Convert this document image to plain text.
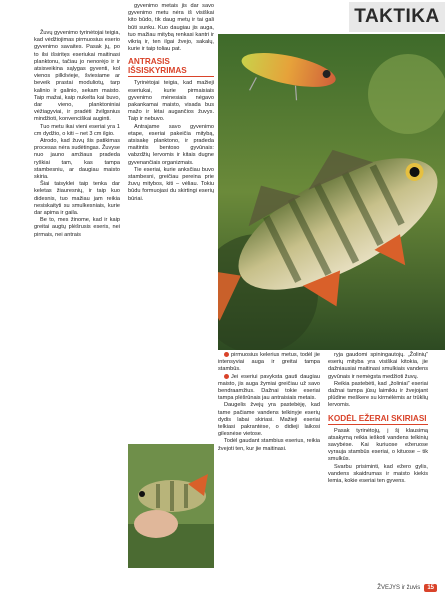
TAKTIKA

Žuvų gyvenimo tyrinėtojai teigia, kad vėdžiojimas pirmuosius eserio gyvenimo savaites. Pasak jų, po to ilsi išsiritęs eseriukai maitinasi planktonu, tačiau jo nenorėjo ir ir atsisveikina sąlygas gyventi, kol vienos pilkšvieje, šviesiame ar beveik prastai moduliotų, tarp kalinio ir galinio, sekam maisto. Taip mažai, kaip nukelta kai buvo, dar vieno, planktoniniai vėžiagyviai, ir pradėti žvilgsnius mindžioti, konvenciškai auginti.

Tuo metu ikai vieni eseriai yra 1 cm dydžio, o kiti – net 3 cm ilgio.

Atrodo, kad žuvų šis patikimas procesas nėra sudėtingas. Žuvyse nuo jauno amžiaus pradeda ryškiai tam, kas tampa stambesniu, ar daugiau maisto skiria.

Šiai taisyklei taip tenka dar keletas žiauresnių, ir taip kuo didesnis, tuo mažiau jam reikia nesiskaityti su smulkesniais, kurie dar apima ir gaila.

Be to, mes žinome, kad ir kaip greitai augtų plėšrusis eseris, nei pirmais, nei antrais

gyvenimo metais jis dar savo gyvenimo metu nėra iš visiškai kito būdo, tik daug metų ir tai gali būti sunku. Kuo daugiau jis auga, tuo mažiau mitybą renkasi kantri ir vikrią ir, ten ilgai žvejo, sakalų, kurie ir taip toliau pat.

ANTRASIS IŠSISKYRIMAS

Tyrinėtojai teigia, kad mažieji eseriukai, kurie pirmaisiais gyvenimo mėnesiais nėgavo pakankamai maisto, visada bus mažo ir lėtai augančios žuvys. Taip ir nebuvo.

Antrajame savo gyvenimo etape, eseriai pakeičia mitybą, atsisakę planktono, ir pradeda maitintis bentoso gyvūnais: vabzdžių lervomis ir kitais dugne gyvenančiais organizmais.

Tie eseriai, kurie anksčiau buvo stambesni, greičiau pereina prie žuvų mitybos, kiti – vėliau. Tokiu būdu formuojasi du skirtingi eserių būriai.

pirmuosius kelerius metus, todėl jie intensyviai auga ir greitai tampa stambūs.

Jei eseriui pavyksta gauti daugiau maisto, jis auga žymiai greičiau už savo bendraamžius. Dažnai tokie eseriai tampa plėšrūnais jau antraisiais metais.

Daugelis žvejų yra pastebėję, kad tame pačiame vandens telkinyje eserių dydis labai skiriasi. Mažieji eseriai telkiasi pakrantėse, o didieji laikosi gilesnėse vietose.

Todėl gaudant stambius eserius, reikia žvejoti ten, kur jie maitinasi.

ryja gaudomi spiningautojų. „Žolinių“ eserių mityba yra visiškai kitokia, jie dažniausiai maitinasi smulkiais vandens gyvūnais ir nemėgsta medžioti žuvų.

Reikia pastebėti, kad „žoliniai“ eseriai dažnai tampa jūsų laimikiu ir žvejojant plūdine meškere su kirmėlėmis ar trūklių lervomis.

KODĖL EŽERAI SKIRIASI

Pasak tyrinėtojų, į šį klausimą atsakymą reikia ieškoti vandens telkinių savybėse. Kai kuriuose ežeruose vyrauja stambūs eseriai, o kituose – tik smulkūs.

Svarbu prisiminti, kad ežero gylis, vandens skaidrumas ir maisto kiekis lemia, kokie eseriai ten gyvens.

ŽVEJYS ir žuvis	15
